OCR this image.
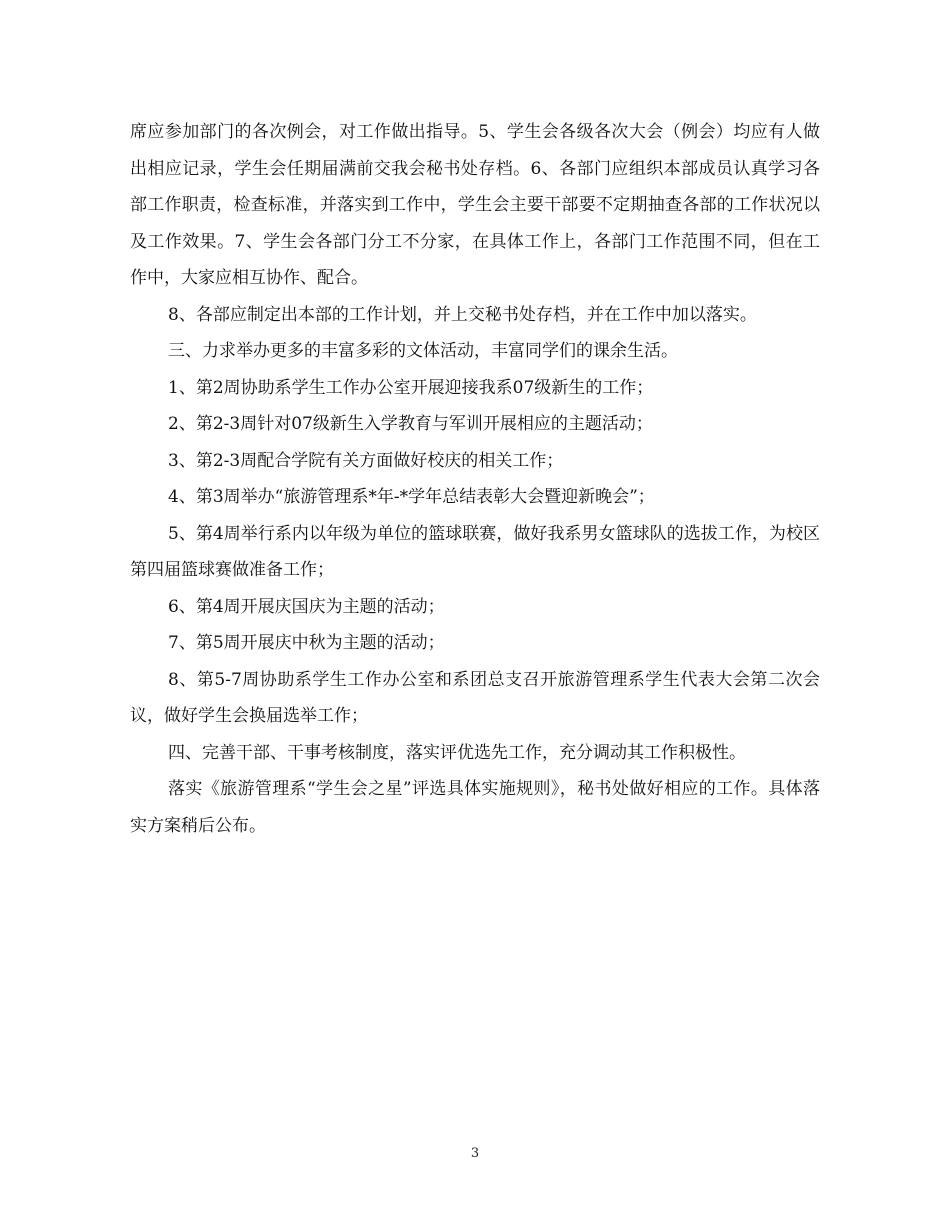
席应参加部门的各次例会，对工作做出指导。5、学生会各级各次大会（例会）均应有人做出相应记录，学生会任期届满前交我会秘书处存档。6、各部门应组织本部成员认真学习各部工作职责，检查标准，并落实到工作中，学生会主要干部要不定期抽查各部的工作状况以及工作效果。7、学生会各部门分工不分家，在具体工作上，各部门工作范围不同，但在工作中，大家应相互协作、配合。

8、各部应制定出本部的工作计划，并上交秘书处存档，并在工作中加以落实。

三、力求举办更多的丰富多彩的文体活动，丰富同学们的课余生活。

1、第2周协助系学生工作办公室开展迎接我系07级新生的工作；

2、第2-3周针对07级新生入学教育与军训开展相应的主题活动；

3、第2-3周配合学院有关方面做好校庆的相关工作；

4、第3周举办“旅游管理系*年-*学年总结表彰大会暨迎新晚会”；

5、第4周举行系内以年级为单位的篮球联赛，做好我系男女篮球队的选拔工作，为校区第四届篮球赛做准备工作；

6、第4周开展庆国庆为主题的活动；

7、第5周开展庆中秋为主题的活动；

8、第5-7周协助系学生工作办公室和系团总支召开旅游管理系学生代表大会第二次会议，做好学生会换届选举工作；

四、完善干部、干事考核制度，落实评优选先工作，充分调动其工作积极性。

落实《旅游管理系“学生会之星”评选具体实施规则》，秘书处做好相应的工作。具体落实方案稍后公布。

3
